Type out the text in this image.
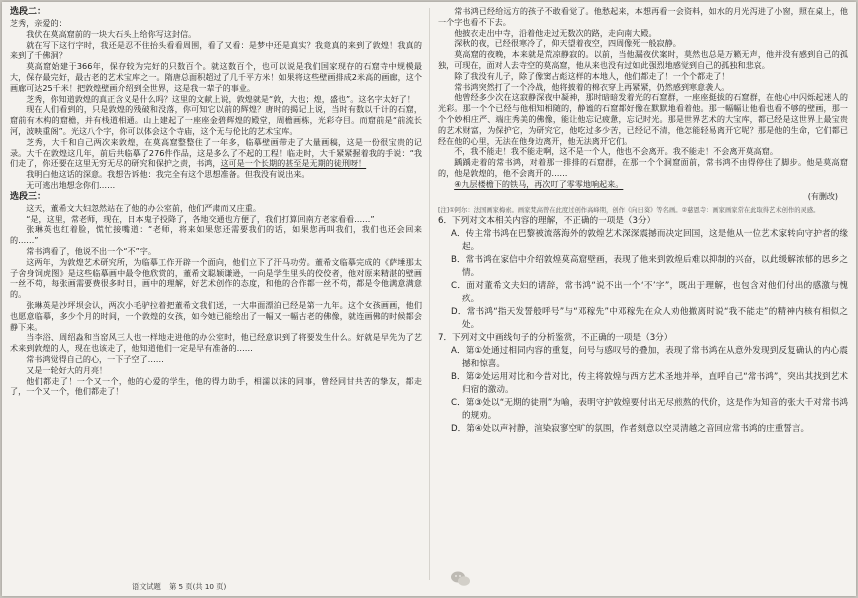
选段二：

芝秀，亲爱的：

我伏在莫高窟前的一块大石头上给你写这封信。

就在写下这行字时，我还是忍不住抬头看看周围，看了又看：是梦中还是真实？我竟真的来到了敦煌！我真的来到了千佛洞？

莫高窟始建于366年，保存较为完好的只数百个。就这数百个，也可以说是我们国家现存的石窟寺中规模最大，保存最完好，最古老的艺术宝库之一。隋唐总面积超过了几千平方米！如果将这些壁画排成2米高的画廊，这个画廊可达25千米！把敦煌壁画介绍到全世界，这是我一辈子的事业。

芝秀，你知道敦煌的真正含义是什么吗？这里的文献上说，敦煌就是“敦，大也；煌，盛也”。这名字太好了！

现在人们看到的，只是敦煌的残破和没落，你可知它以前的辉煌？唐时的揭记上说，当时有数以千计的石窟，窟前有木构的窟檐，并有栈道相通。山上建起了一座座金碧辉煌的殿堂，周檐画栋，光彩夺目。而窟前是“前流长河，波映重阁”。光这八个字，你可以体会这个寺庙，这个无与伦比的艺术宝库。

芝秀，大千和自己两次来敦煌，在莫高窟整整住了一年多，临摹壁画带走了大量画稿，这是一份很宝贵的记录。大千在敦煌这几年，前后共临摹了276件作品，这是多么了不起的工程！临走时，大千紧紧握着我的手说：“我们走了，你还要在这里无穷无尽的研究和保护之责，书鸿，这可是一个长期的甚至是无期的徒刑呀！

我明白他这话的深意。我想告诉他：我完全有这个思想准备。但我没有说出来。

无可逃出地想念你们……

选段三：

这天，董希文大妇忽然站在了他的办公室前，他们严肃而又庄重。

“是，这里，常老师，现在，日本鬼子投降了，各地交通也方便了，我们打算回南方老家看看……”

张琳英也红着脸，慌忙接嘴道：“老师，将来如果您还需要我们的话，如果您再叫我们，我们也还会回来的……”

常书鸿看了，他说不出一个“不”字。

这两年，为敦煌艺术研究所，为临摹工作开辟一个面向，他们立下了汗马功劳。董希文临摹完成的《萨埵那太子舍身饲虎图》是这些临摹画中最令他欣赏的，董希文聪颖谦逊，一向是学生里头的佼佼者，他对原来精湛的壁画一丝不苟，每张画需要费很多时日，画中的理解，好艺术创作的态度，和他的合作都一丝不苟，都是令他满意满意的。

张琳英是沙坪坝会认，两次小毛驴拉着把董希文我们送，一大串面漂泊已经是第一九年。这个女孩画画，他们也愿意临摹，多少个月的时间，一个敦煌的女孩，如今她已能绘出了一幅又一幅古老的佛像，就连画佛的时候都会静下来。

当李浴、周绍淼和当窑风三人也一样地走进他的办公室时，他已经意识到了将要发生什么。好就是早先为了艺术来到敦煌的人，现在也该走了，他知道他们一定是早有准备的……

常书鸿觉得自己的心，一下子空了……

又是一轮好大的月亮！

他们都走了！一个又一个，他的心爱的学生，他的得力助手，相濡以沫的同事，曾经同甘共苦的挚友，都走了，一个又一个，他们都走了！

常书鸿已经给远方的孩子不敢看觉了。他愁起来，本想再看一会资料，如水的月光泻进了小窗，照在桌上，他一个字也看不下去。

他披衣走出中寺，沿着他走过无数次的路，走向南大殿。

深秋的夜，已经很寒冷了，仰天望着夜空，四周像死一般寂静。

莫高窟的夜晚，本来就是荒凉静寂的。以前，当他漏夜伏案时，莫然也总是万籁无声，他并没有感到自己的孤独，可现在，面对人去寺空的莫高窟，他从来也没有过如此强烈地感觉到自己的孤独和悲哀。

除了我没有儿子，除了像窦占彪这样的本地人，他们都走了！一个个都走了！

常书鸿突然打了一个冷战，他将披着的棉衣穿上再紧紧，仍然感到寒意袭人。

他曾经多少次在这寂静深夜中凝神，那时暗暗发着光的石窟群，一座座挺拔的石窟群，在他心中闪烁起迷人的光彩。那一个个已经与他相知相随的，静谧的石窟都好像在默默地看着他。那一幅幅让他看也看不够的壁画，那一个个妙相庄严、端庄秀美的佛像，能让他忘记疲惫，忘记时光。那是世界艺术的大宝库，都已经是这世界上最宝贵的艺术财富，为保护它，为研究它，他吃过多少苦，已经记不清，他怎能轻易离开它呢？那是他的生命，它们都已经在他的心里，无法在他身边离开，他无法离开它们。

不，我不能走！我不能走啊，这不是一个人，他也不会离开。我不能走！不会离开莫高窟。

踽踽走着的常书鸿，对着那一排排的石窟群，在那一个个洞窟面前，常书鸿不由得停住了脚步。他是莫高窟的，他是敦煌的，他不会离开的……

④九层楼檐下的铁马，再次叮了零零地响起来。

(有删改)

[注]①阿尔：法国画家梅索。画家梵高曾在此度过创作高峰期，创作《向日葵》等名画。②慈恩寺：画家画家常在此取得艺术创作的灵感。

6．下列对文本相关内容的理解，不正确的一项是（3分）

A．传主常书鸿在巴黎被流落海外的敦煌艺术深深震撼而决定回国，这是他从一位艺术家转向守护者的缘起。

B．常书鸿在家信中介绍敦煌莫高窟壁画，表现了他来到敦煌后难以抑制的兴奋，以此缓解浓郁的思乡之情。

C．面对董希文夫妇的请辞，常书鸿“说不出一个‘不’字”，既出于理解，也包含对他们付出的感激与愧疚。

D．常书鸿“指天发誓般呼号”与“邓稼先”中邓稼先在众人劝他撤离时说“我不能走”的精神内核有相似之处。

7．下列对文中画线句子的分析鉴赏，不正确的一项是（3分）

A．第①处通过相同内容的重复，问号与感叹号的叠加，表现了常书鸿在从意外发现到反复确认的内心震撼和惊喜。

B．第②处运用对比和今昔对比，传主将敦煌与西方艺术圣地并举，直呼自己“常书鸿”，突出其找到艺术归宿的激动。

C．第③处以“无期的徒刑”为喻，表明守护敦煌要付出无尽煎熬的代价，这是作为知音的张大千对常书鸿的规劝。

D．第④处以声衬静，渲染寂寥空旷的氛围，作者刻意以空灵清越之音回应常书鸿的庄重誓言。

语文试题 第 5 页(共 10 页)
